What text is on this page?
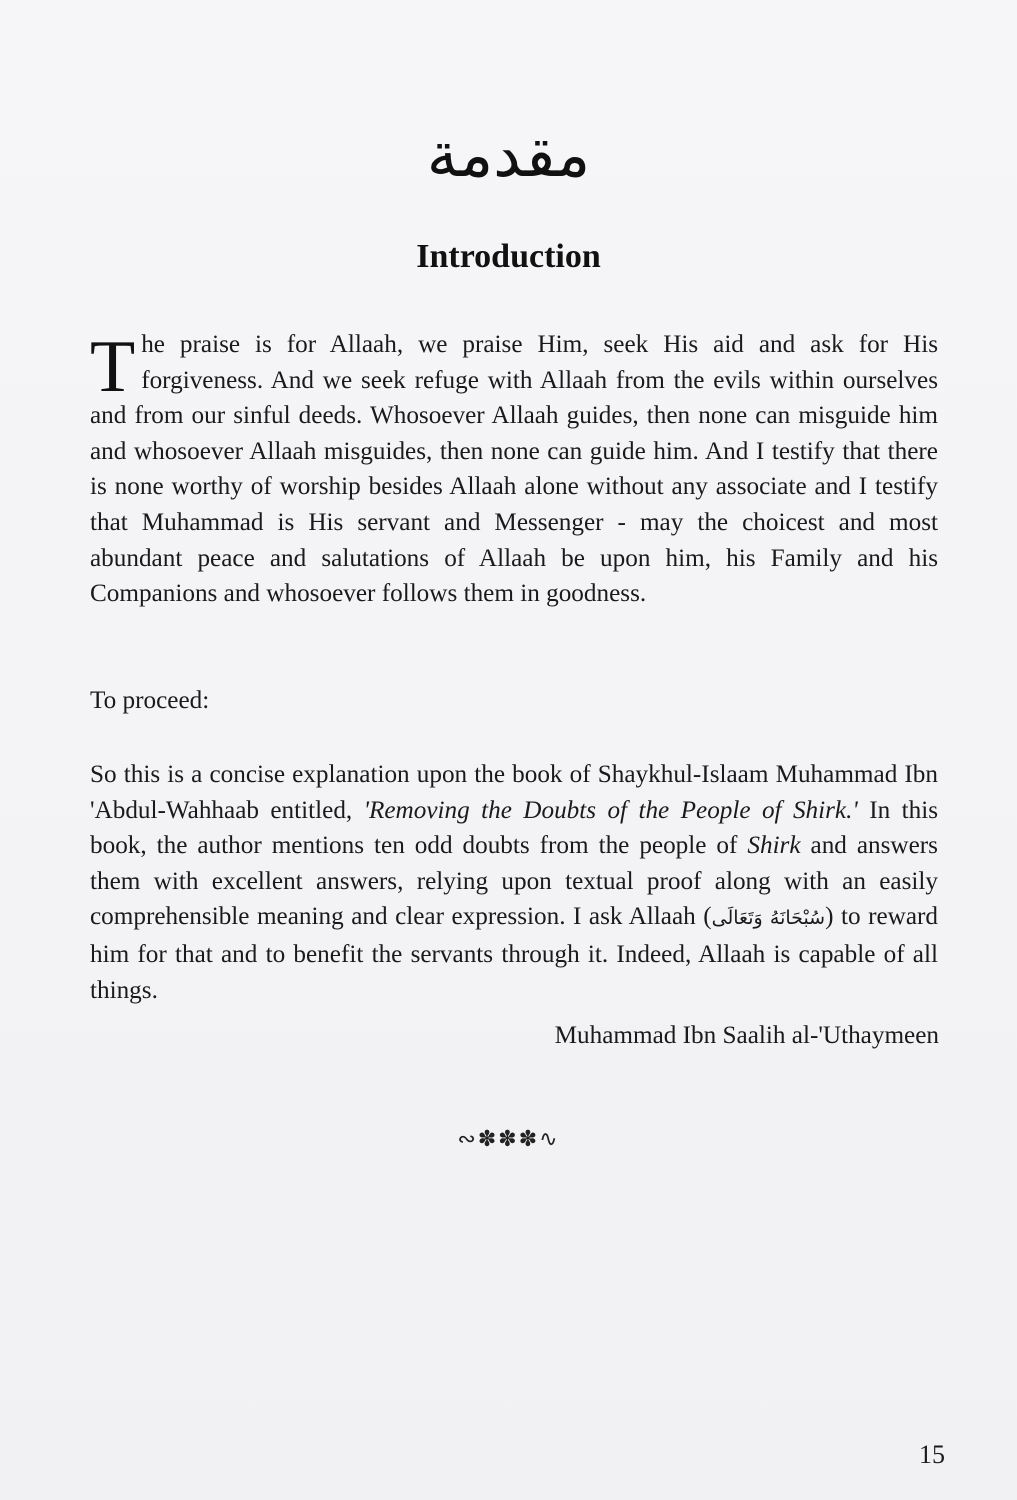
مقدمة
Introduction
The praise is for Allaah, we praise Him, seek His aid and ask for His forgiveness. And we seek refuge with Allaah from the evils within ourselves and from our sinful deeds. Whosoever Allaah guides, then none can misguide him and whosoever Allaah misguides, then none can guide him. And I testify that there is none worthy of worship besides Allaah alone without any associate and I testify that Muhammad is His servant and Messenger - may the choicest and most abundant peace and salutations of Allaah be upon him, his Family and his Companions and whosoever follows them in goodness.
To proceed:
So this is a concise explanation upon the book of Shaykhul-Islaam Muhammad Ibn 'Abdul-Wahhaab entitled, 'Removing the Doubts of the People of Shirk.' In this book, the author mentions ten odd doubts from the people of Shirk and answers them with excellent answers, relying upon textual proof along with an easily comprehensible meaning and clear expression. I ask Allaah (سُبْحَانَهُ وَتَعَالَى) to reward him for that and to benefit the servants through it. Indeed, Allaah is capable of all things.
Muhammad Ibn Saalih al-'Uthaymeen
∾✽✽✽∿
15
